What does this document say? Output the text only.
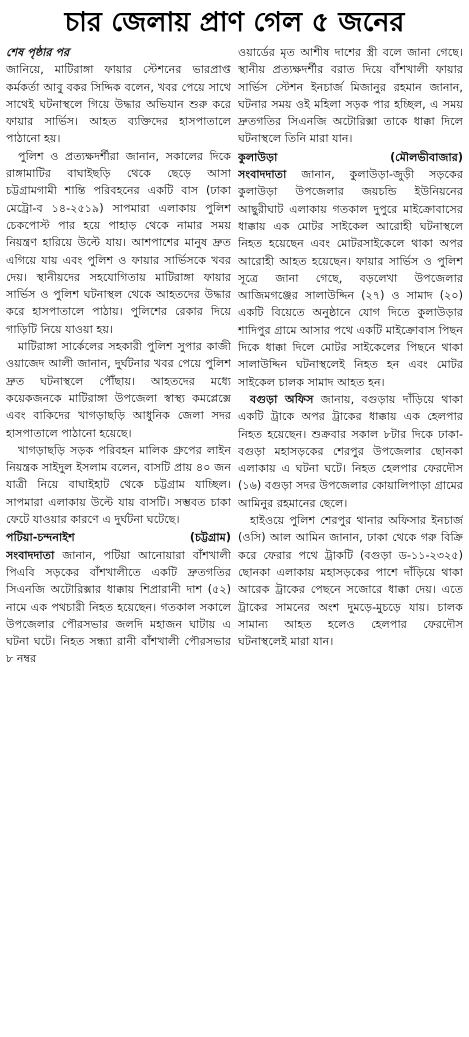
চার জেলায় প্রাণ গেল ৫ জনের

শেষ পৃষ্ঠার পর

জানিয়ে, মাটিরাঙ্গা ফায়ার স্টেশনের ভারপ্রাপ্ত কর্মকর্তা আবু বকর সিদ্দিক বলেন, খবর পেয়ে সাথে সাথেই ঘটনাস্থলে গিয়ে উদ্ধার অভিযান শুরু করে ফায়ার সার্ভিস। আহত ব্যক্তিদের হাসপাতালে পাঠানো হয়।

পুলিশ ও প্রত্যক্ষদর্শীরা জানান, সকালের দিকে রাঙ্গামাটির বাঘাইছড়ি থেকে ছেড়ে আসা চট্টগ্রামগামী শান্তি পরিবহনের একটি বাস (ঢাকা মেট্রো-ব ১৪-২৫১৯) সাপমারা এলাকায় পুলিশ চেকপোস্ট পার হয়ে পাহাড় থেকে নামার সময় নিয়ন্ত্রণ হারিয়ে উল্টে যায়। আশপাশের মানুষ দ্রুত এগিয়ে যায় এবং পুলিশ ও ফায়ার সার্ভিসকে খবর দেয়। স্থানীয়দের সহযোগিতায় মাটিরাঙ্গা ফায়ার সার্ভিস ও পুলিশ ঘটনাস্থল থেকে আহতদের উদ্ধার করে হাসপাতালে পাঠায়। পুলিশের রেকার দিয়ে গাড়িটি নিয়ে যাওয়া হয়।

মাটিরাঙ্গা সার্কেলের সহকারী পুলিশ সুপার কাজী ওয়াজেদ আলী জানান, দুর্ঘটনার খবর পেয়ে পুলিশ দ্রুত ঘটনাস্থলে পৌঁছায়। আহতদের মধ্যে কয়েকজনকে মাটিরাঙ্গা উপজেলা স্বাস্থ্য কমপ্লেক্সে এবং বাকিদের খাগড়াছড়ি আধুনিক জেলা সদর হাসপাতালে পাঠানো হয়েছে।

খাগড়াছড়ি সড়ক পরিবহন মালিক গ্রুপের লাইন নিয়ন্ত্রক সাইদুল ইসলাম বলেন, বাসটি প্রায় ৪০ জন যাত্রী নিয়ে বাঘাইহাট থেকে চট্টগ্রাম যাচ্ছিল। সাপমারা এলাকায় উল্টে যায় বাসটি। সম্ভবত চাকা ফেটে যাওয়ার কারণে এ দুর্ঘটনা ঘটেছে।

পটিয়া-চন্দনাইশ	(চট্টগ্রাম)

সংবাদদাতা জানান, পটিয়া আনোয়ারা বাঁশখালী পিএবি সড়কের বাঁশখালীতে একটি দ্রুতগতির সিএনজি অটোরিক্সার ধাক্কায় শিপ্রারানী দাশ (৫২) নামে এক পথচারী নিহত হয়েছেন। গতকাল সকালে উপজেলার পৌরসভার জলদি মহাজন ঘাটায় এ ঘটনা ঘটে। নিহত সন্ধ্যা রানী বাঁশখালী পৌরসভার ৮ নম্বর

ওয়ার্ডের মৃত আশীষ দাশের স্ত্রী বলে জানা গেছে। স্থানীয় প্রত্যক্ষদর্শীর বরাত দিয়ে বাঁশখালী ফায়ার সার্ভিস স্টেশন ইনচার্জ মিজানুর রহমান জানান, ঘটনার সময় ওই মহিলা সড়ক পার হচ্ছিল, এ সময় দ্রুতগতির সিএনজি অটোরিক্সা তাকে ধাক্কা দিলে ঘটনাস্থলে তিনি মারা যান।

কুলাউড়া	(মৌলভীবাজার)

সংবাদদাতা জানান, কুলাউড়া-জুড়ী সড়কের কুলাউড়া উপজেলার জয়চন্ডি ইউনিয়নের আছুরীঘাট এলাকায় গতকাল দুপুরে মাইক্রোবাসের ধাক্কায় এক মোটর সাইকেল আরোহী ঘটনাস্থলে নিহত হয়েছেন এবং মোটরসাইকেলে থাকা অপর আরোহী আহত হয়েছেন। ফায়ার সার্ভিস ও পুলিশ সূত্রে জানা গেছে, বড়লেখা উপজেলার আজিমগঞ্জের সালাউদ্দিন (২৭) ও সামাদ (২০) একটি বিয়েতে অনুষ্ঠানে যোগ দিতে কুলাউড়ার শাদিপুর গ্রামে আসার পথে একটি মাইক্রোবাস পিছন দিকে ধাক্কা দিলে মোটর সাইকেলের পিছনে থাকা সালাউদ্দিন ঘটনাস্থলেই নিহত হন এবং মোটর সাইকেল চালক সামাদ আহত হন।

বগুড়া অফিস জানায়, বগুড়ায় দাঁড়িয়ে থাকা একটি ট্রাকে অপর ট্রাকের ধাক্কায় এক হেলপার নিহত হয়েছেন। শুক্রবার সকাল ৮টার দিকে ঢাকা-বগুড়া মহাসড়কের শেরপুর উপজেলার ছোনকা এলাকায় এ ঘটনা ঘটে। নিহত হেলপার ফেরদৌস (১৬) বগুড়া সদর উপজেলার কোয়ালিপাড়া গ্রামের আমিনুর রহমানের ছেলে।

হাইওয়ে পুলিশ শেরপুর থানার অফিসার ইনচার্জ (ওসি) আল আমিন জানান, ঢাকা থেকে গরু বিক্রি করে ফেরার পথে ট্রাকটি (বগুড়া ড-১১-২৩২৫) ছোনকা এলাকায় মহাসড়কের পাশে দাঁড়িয়ে থাকা আরেক ট্রাকের পেছনে সজোরে ধাক্কা দেয়। এতে ট্রাকের সামনের অংশ দুমড়ে-মুচড়ে যায়। চালক সামান্য আহত হলেও হেলপার ফেরদৌস ঘটনাস্থলেই মারা যান।
